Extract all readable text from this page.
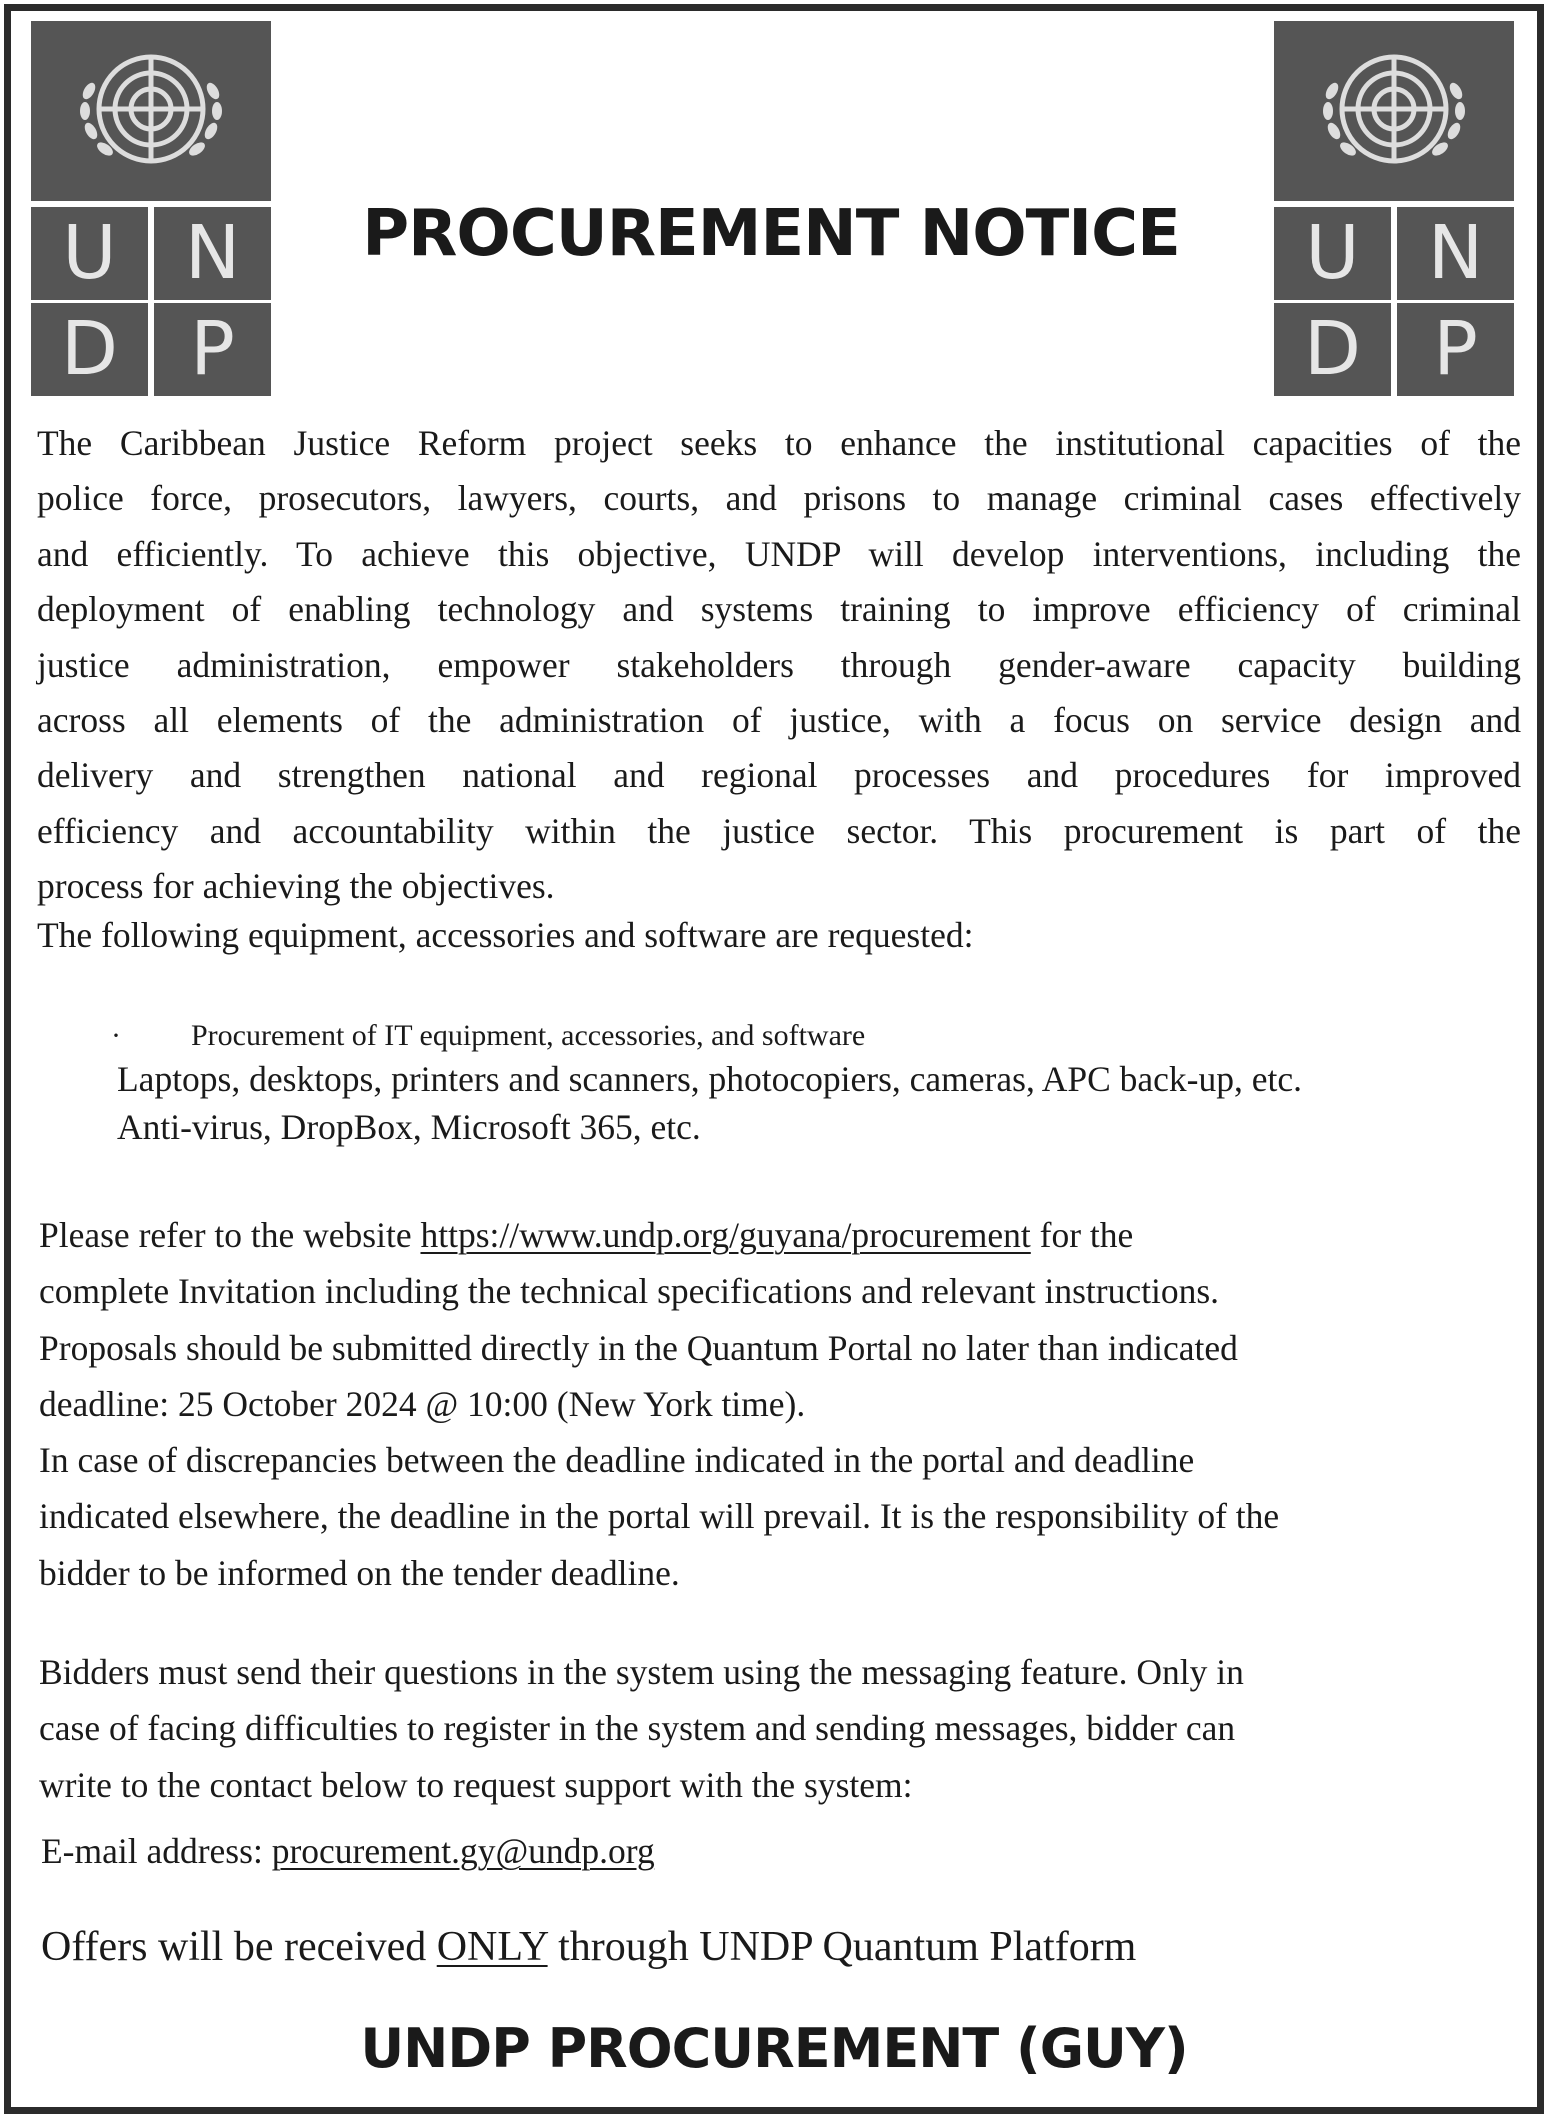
U N
D P
U N
D P
PROCUREMENT NOTICE
The Caribbean Justice Reform project seeks to enhance the institutional capacities of the
police force, prosecutors, lawyers, courts, and prisons to manage criminal cases effectively
and efficiently. To achieve this objective, UNDP will develop interventions, including the
deployment of enabling technology and systems training to improve efficiency of criminal
justice administration, empower stakeholders through gender-aware capacity building
across all elements of the administration of justice, with a focus on service design and
delivery and strengthen national and regional processes and procedures for improved
efficiency and accountability within the justice sector. This procurement is part of the
process for achieving the objectives.

The following equipment, accessories and software are requested:

· Procurement of IT equipment, accessories, and software

Laptops, desktops, printers and scanners, photocopiers, cameras, APC back-up, etc.

Anti-virus, DropBox, Microsoft 365, etc.

Please refer to the website https://www.undp.org/guyana/procurement for the
complete Invitation including the technical specifications and relevant instructions.
Proposals should be submitted directly in the Quantum Portal no later than indicated
deadline: 25 October 2024 @ 10:00 (New York time).
In case of discrepancies between the deadline indicated in the portal and deadline
indicated elsewhere, the deadline in the portal will prevail. It is the responsibility of the
bidder to be informed on the tender deadline.
Bidders must send their questions in the system using the messaging feature. Only in
case of facing difficulties to register in the system and sending messages, bidder can
write to the contact below to request support with the system:

E-mail address: procurement.gy@undp.org

Offers will be received ONLY through UNDP Quantum Platform

UNDP PROCUREMENT (GUY)
